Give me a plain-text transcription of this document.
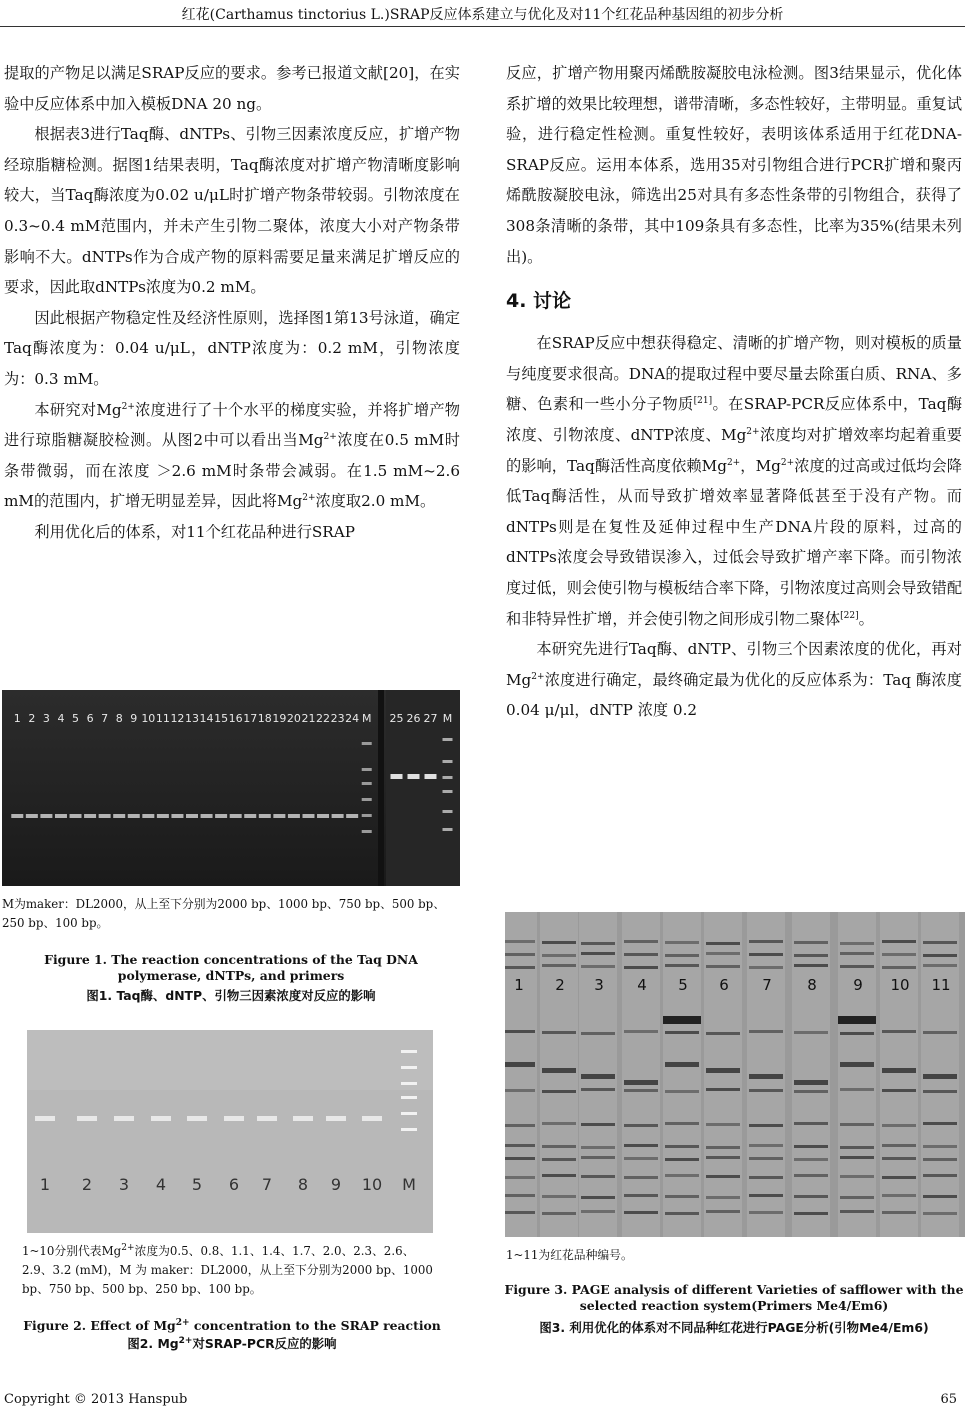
红花(Carthamus tinctorius L.)SRAP反应体系建立与优化及对11个红花品种基因组的初步分析

提取的产物足以满足SRAP反应的要求。参考已报道文献[20]，在实验中反应体系中加入模板DNA 20 ng。

根据表3进行Taq酶、dNTPs、引物三因素浓度反应，扩增产物经琼脂糖检测。据图1结果表明，Taq酶浓度对扩增产物清晰度影响较大，当Taq酶浓度为0.02 u/μL时扩增产物条带较弱。引物浓度在0.3~0.4 mM范围内，并未产生引物二聚体，浓度大小对产物条带影响不大。dNTPs作为合成产物的原料需要足量来满足扩增反应的要求，因此取dNTPs浓度为0.2 mM。

因此根据产物稳定性及经济性原则，选择图1第13号泳道，确定Taq酶浓度为：0.04 u/μL，dNTP浓度为：0.2 mM，引物浓度为：0.3 mM。

本研究对$Mg^{2+}$浓度进行了十个水平的梯度实验，并将扩增产物进行琼脂糖凝胶检测。从图2中可以看出当$Mg^{2+}$浓度在0.5 mM时条带微弱，而在浓度 ＞2.6 mM时条带会减弱。在1.5 mM~2.6 mM的范围内，扩增无明显差异，因此将$Mg^{2+}$浓度取2.0 mM。

利用优化后的体系，对11个红花品种进行SRAP

反应，扩增产物用聚丙烯酰胺凝胶电泳检测。图3结果显示，优化体系扩增的效果比较理想，谱带清晰，多态性较好，主带明显。重复试验，进行稳定性检测。重复性较好，表明该体系适用于红花DNA-SRAP反应。运用本体系，选用35对引物组合进行PCR扩增和聚丙烯酰胺凝胶电泳，筛选出25对具有多态性条带的引物组合，获得了308条清晰的条带，其中109条具有多态性，比率为35%(结果未列出)。

4. 讨论

在SRAP反应中想获得稳定、清晰的扩增产物，则对模板的质量与纯度要求很高。DNA的提取过程中要尽量去除蛋白质、RNA、多糖、色素和一些小分子物质[21]。在SRAP-PCR反应体系中，Taq酶浓度、引物浓度、dNTP浓度、$Mg^{2+}$浓度均对扩增效率均起着重要的影响，Taq酶活性高度依赖$Mg^{2+}$，$Mg^{2+}$浓度的过高或过低均会降低Taq酶活性，从而导致扩增效率显著降低甚至于没有产物。而dNTPs则是在复性及延伸过程中生产DNA片段的原料，过高的dNTPs浓度会导致错误渗入，过低会导致扩增产率下降。而引物浓度过低，则会使引物与模板结合率下降，引物浓度过高则会导致错配和非特异性扩增，并会使引物之间形成引物二聚体[22]。

本研究先进行Taq酶、dNTP、引物三个因素浓度的优化，再对$Mg^{2+}$浓度进行确定，最终确定最为优化的反应体系为：Taq 酶浓度 0.04 μ/μl，dNTP 浓度 0.2

1 2 3 4 5 6 7 8 9 10 11 12 13 14 15 16 17 18 19 20 21 22 23 24 M 25 26 27 M
M为maker：DL2000，从上至下分别为2000 bp、1000 bp、750 bp、500 bp、250 bp、100 bp。
Figure 1. The reaction concentrations of the Taq DNA polymerase, dNTPs, and primers
图1. Taq酶、dNTP、引物三因素浓度对反应的影响
1 2 3 4 5 6 7 8 9 10 M
1~10分别代表$Mg^{2+}$浓度为0.5、0.8、1.1、1.4、1.7、2.0、2.3、2.6、2.9、3.2 (mM)，M 为 maker：DL2000，从上至下分别为2000 bp、1000 bp、750 bp、500 bp、250 bp、100 bp。
Figure 2. Effect of $Mg^{2+}$ concentration to the SRAP reaction
图2. $Mg^{2+}$对SRAP-PCR反应的影响
1 2 3 4 5 6 7 8 9 10 11
1~11为红花品种编号。
Figure 3. PAGE analysis of different Varieties of safflower with the selected reaction system(Primers Me4/Em6)
图3. 利用优化的体系对不同品种红花进行PAGE分析(引物Me4/Em6)
Copyright © 2013 Hanspub	65
